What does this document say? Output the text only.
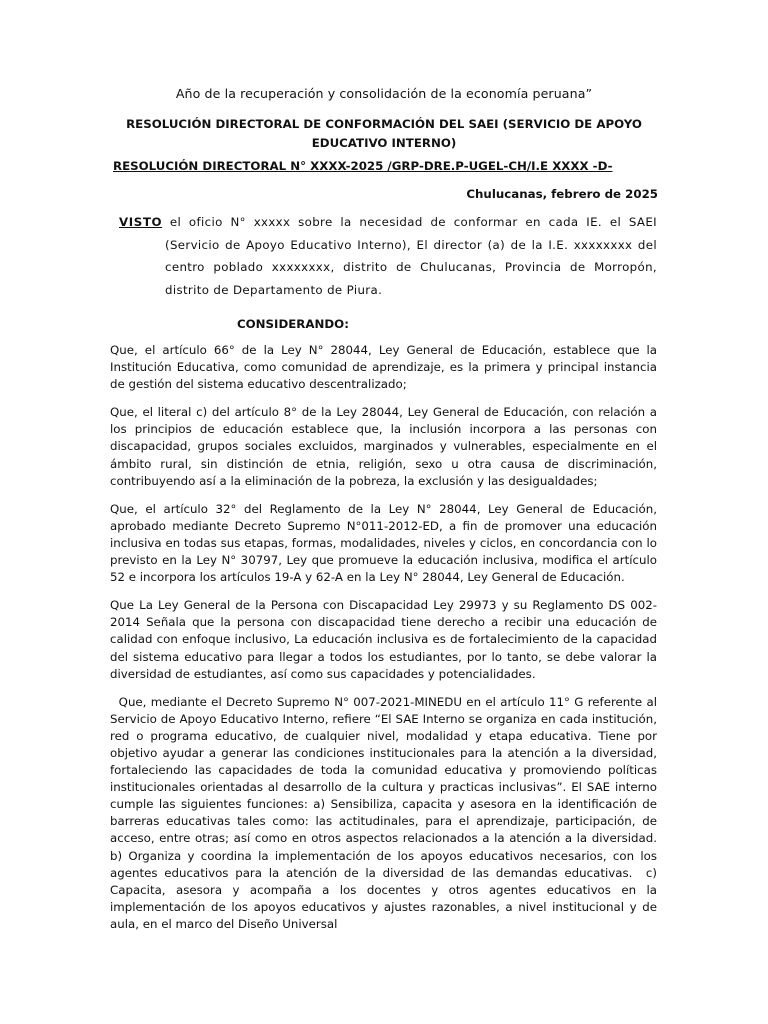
Año de la recuperación y consolidación de la economía peruana”
RESOLUCIÓN DIRECTORAL DE CONFORMACIÓN DEL SAEI (SERVICIO DE APOYO EDUCATIVO INTERNO)
RESOLUCIÓN DIRECTORAL N° XXXX-2025 /GRP-DRE.P-UGEL-CH/I.E XXXX -D-
Chulucanas, febrero de 2025
VISTO el oficio N° xxxxx sobre la necesidad de conformar en cada IE. el SAEI (Servicio de Apoyo Educativo Interno), El director (a) de la I.E. xxxxxxxx del centro poblado xxxxxxxx, distrito de Chulucanas, Provincia de Morropón, distrito de Departamento de Piura.
CONSIDERANDO:

Que, el artículo 66° de la Ley N° 28044, Ley General de Educación, establece que la Institución Educativa, como comunidad de aprendizaje, es la primera y principal instancia de gestión del sistema educativo descentralizado;

Que, el literal c) del artículo 8° de la Ley 28044, Ley General de Educación, con relación a los principios de educación establece que, la inclusión incorpora a las personas con discapacidad, grupos sociales excluidos, marginados y vulnerables, especialmente en el ámbito rural, sin distinción de etnia, religión, sexo u otra causa de discriminación, contribuyendo así a la eliminación de la pobreza, la exclusión y las desigualdades;

Que, el artículo 32° del Reglamento de la Ley N° 28044, Ley General de Educación, aprobado mediante Decreto Supremo N°011-2012-ED, a fin de promover una educación inclusiva en todas sus etapas, formas, modalidades, niveles y ciclos, en concordancia con lo previsto en la Ley N° 30797, Ley que promueve la educación inclusiva, modifica el artículo 52 e incorpora los artículos 19-A y 62-A en la Ley N° 28044, Ley General de Educación.

Que La Ley General de la Persona con Discapacidad Ley 29973 y su Reglamento DS 002-2014 Señala que la persona con discapacidad tiene derecho a recibir una educación de calidad con enfoque inclusivo, La educación inclusiva es de fortalecimiento de la capacidad del sistema educativo para llegar a todos los estudiantes, por lo tanto, se debe valorar la diversidad de estudiantes, así como sus capacidades y potencialidades.

Que, mediante el Decreto Supremo N° 007-2021-MINEDU en el artículo 11° G referente al Servicio de Apoyo Educativo Interno, refiere “El SAE Interno se organiza en cada institución, red o programa educativo, de cualquier nivel, modalidad y etapa educativa. Tiene por objetivo ayudar a generar las condiciones institucionales para la atención a la diversidad, fortaleciendo las capacidades de toda la comunidad educativa y promoviendo políticas institucionales orientadas al desarrollo de la cultura y practicas inclusivas”. El SAE interno cumple las siguientes funciones: a) Sensibiliza, capacita y asesora en la identificación de barreras educativas tales como: las actitudinales, para el aprendizaje, participación, de acceso, entre otras; así como en otros aspectos relacionados a la atención a la diversidad. b) Organiza y coordina la implementación de los apoyos educativos necesarios, con los agentes educativos para la atención de la diversidad de las demandas educativas.  c)  Capacita, asesora y acompaña a los docentes y otros agentes educativos en la implementación de los apoyos educativos y ajustes razonables, a nivel institucional y de aula, en el marco del Diseño Universal
